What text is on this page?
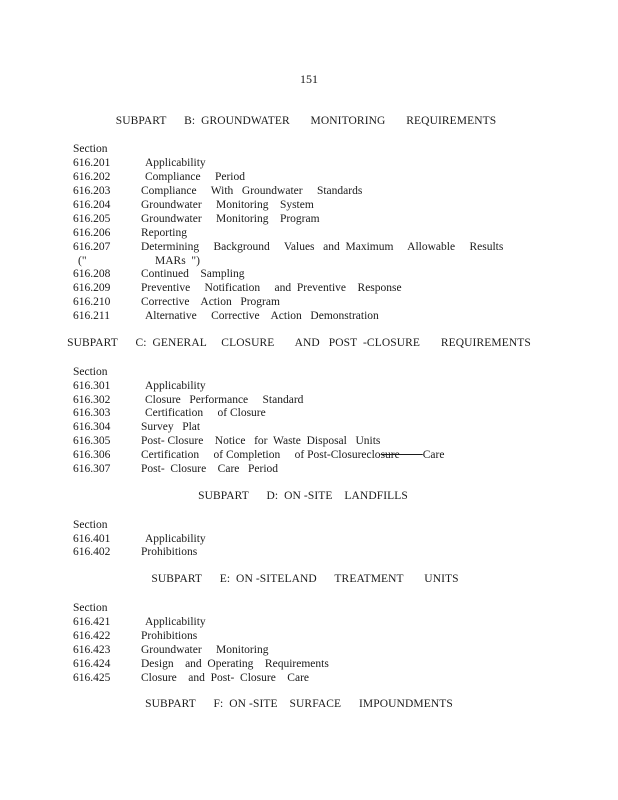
151
SUBPART      B:  GROUNDWATER       MONITORING       REQUIREMENTS
Section
616.201	Applicability
616.202	Compliance     Period
616.203	Compliance     With   Groundwater     Standards
616.204	Groundwater     Monitoring    System
616.205	Groundwater     Monitoring    Program
616.206	Reporting
616.207	Determining     Background     Values   and  Maximum     Allowable     Results
("	MARs  ")
616.208	Continued    Sampling
616.209	Preventive     Notification     and  Preventive    Response
616.210	Corrective    Action   Program
616.211	Alternative     Corrective    Action   Demonstration
SUBPART      C:  GENERAL     CLOSURE       AND   POST  -CLOSURE       REQUIREMENTS
Section
616.301	Applicability
616.302	Closure   Performance     Standard
616.303	Certification     of Closure
616.304	Survey   Plat
616.305	Post- Closure    Notice   for  Waste  Disposal   Units
616.306	Certification     of Completion     of Post-Closureclosure        Care
616.307	Post-  Closure    Care   Period
SUBPART      D:  ON -SITE    LANDFILLS
Section
616.401	Applicability
616.402	Prohibitions
SUBPART      E:  ON -SITELAND      TREATMENT       UNITS
Section
616.421	Applicability
616.422	Prohibitions
616.423	Groundwater     Monitoring
616.424	Design    and  Operating    Requirements
616.425	Closure    and  Post-  Closure    Care
SUBPART      F:  ON -SITE    SURFACE      IMPOUNDMENTS
